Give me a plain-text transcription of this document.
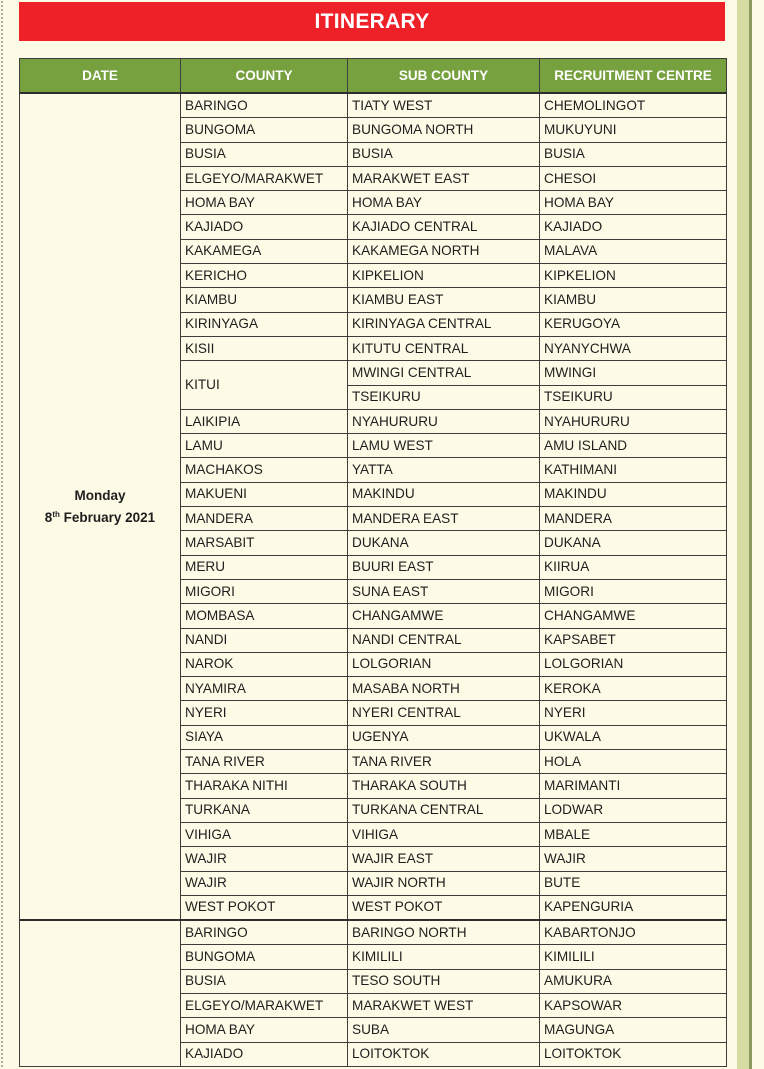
ITINERARY
DATE	COUNTY	SUB COUNTY	RECRUITMENT CENTRE

Monday
8th February 2021	BARINGO	TIATY WEST	CHEMOLINGOT
	BUNGOMA	BUNGOMA NORTH	MUKUYUNI
	BUSIA	BUSIA	BUSIA
	ELGEYO/MARAKWET	MARAKWET EAST	CHESOI
	HOMA BAY	HOMA BAY	HOMA BAY
	KAJIADO	KAJIADO CENTRAL	KAJIADO
	KAKAMEGA	KAKAMEGA NORTH	MALAVA
	KERICHO	KIPKELION	KIPKELION
	KIAMBU	KIAMBU EAST	KIAMBU
	KIRINYAGA	KIRINYAGA CENTRAL	KERUGOYA
	KISII	KITUTU CENTRAL	NYANYCHWA
	KITUI	MWINGI CENTRAL	MWINGI
		TSEIKURU	TSEIKURU
	LAIKIPIA	NYAHURURU	NYAHURURU
	LAMU	LAMU WEST	AMU ISLAND
	MACHAKOS	YATTA	KATHIMANI
	MAKUENI	MAKINDU	MAKINDU
	MANDERA	MANDERA EAST	MANDERA
	MARSABIT	DUKANA	DUKANA
	MERU	BUURI EAST	KIIRUA
	MIGORI	SUNA EAST	MIGORI
	MOMBASA	CHANGAMWE	CHANGAMWE
	NANDI	NANDI CENTRAL	KAPSABET
	NAROK	LOLGORIAN	LOLGORIAN
	NYAMIRA	MASABA NORTH	KEROKA
	NYERI	NYERI CENTRAL	NYERI
	SIAYA	UGENYA	UKWALA
	TANA RIVER	TANA RIVER	HOLA
	THARAKA NITHI	THARAKA SOUTH	MARIMANTI
	TURKANA	TURKANA CENTRAL	LODWAR
	VIHIGA	VIHIGA	MBALE
	WAJIR	WAJIR EAST	WAJIR
	WAJIR	WAJIR NORTH	BUTE
	WEST POKOT	WEST POKOT	KAPENGURIA

	BARINGO	BARINGO NORTH	KABARTONJO
	BUNGOMA	KIMILILI	KIMILILI
	BUSIA	TESO SOUTH	AMUKURA
	ELGEYO/MARAKWET	MARAKWET WEST	KAPSOWAR
	HOMA BAY	SUBA	MAGUNGA
	KAJIADO	LOITOKTOK	LOITOKTOK
